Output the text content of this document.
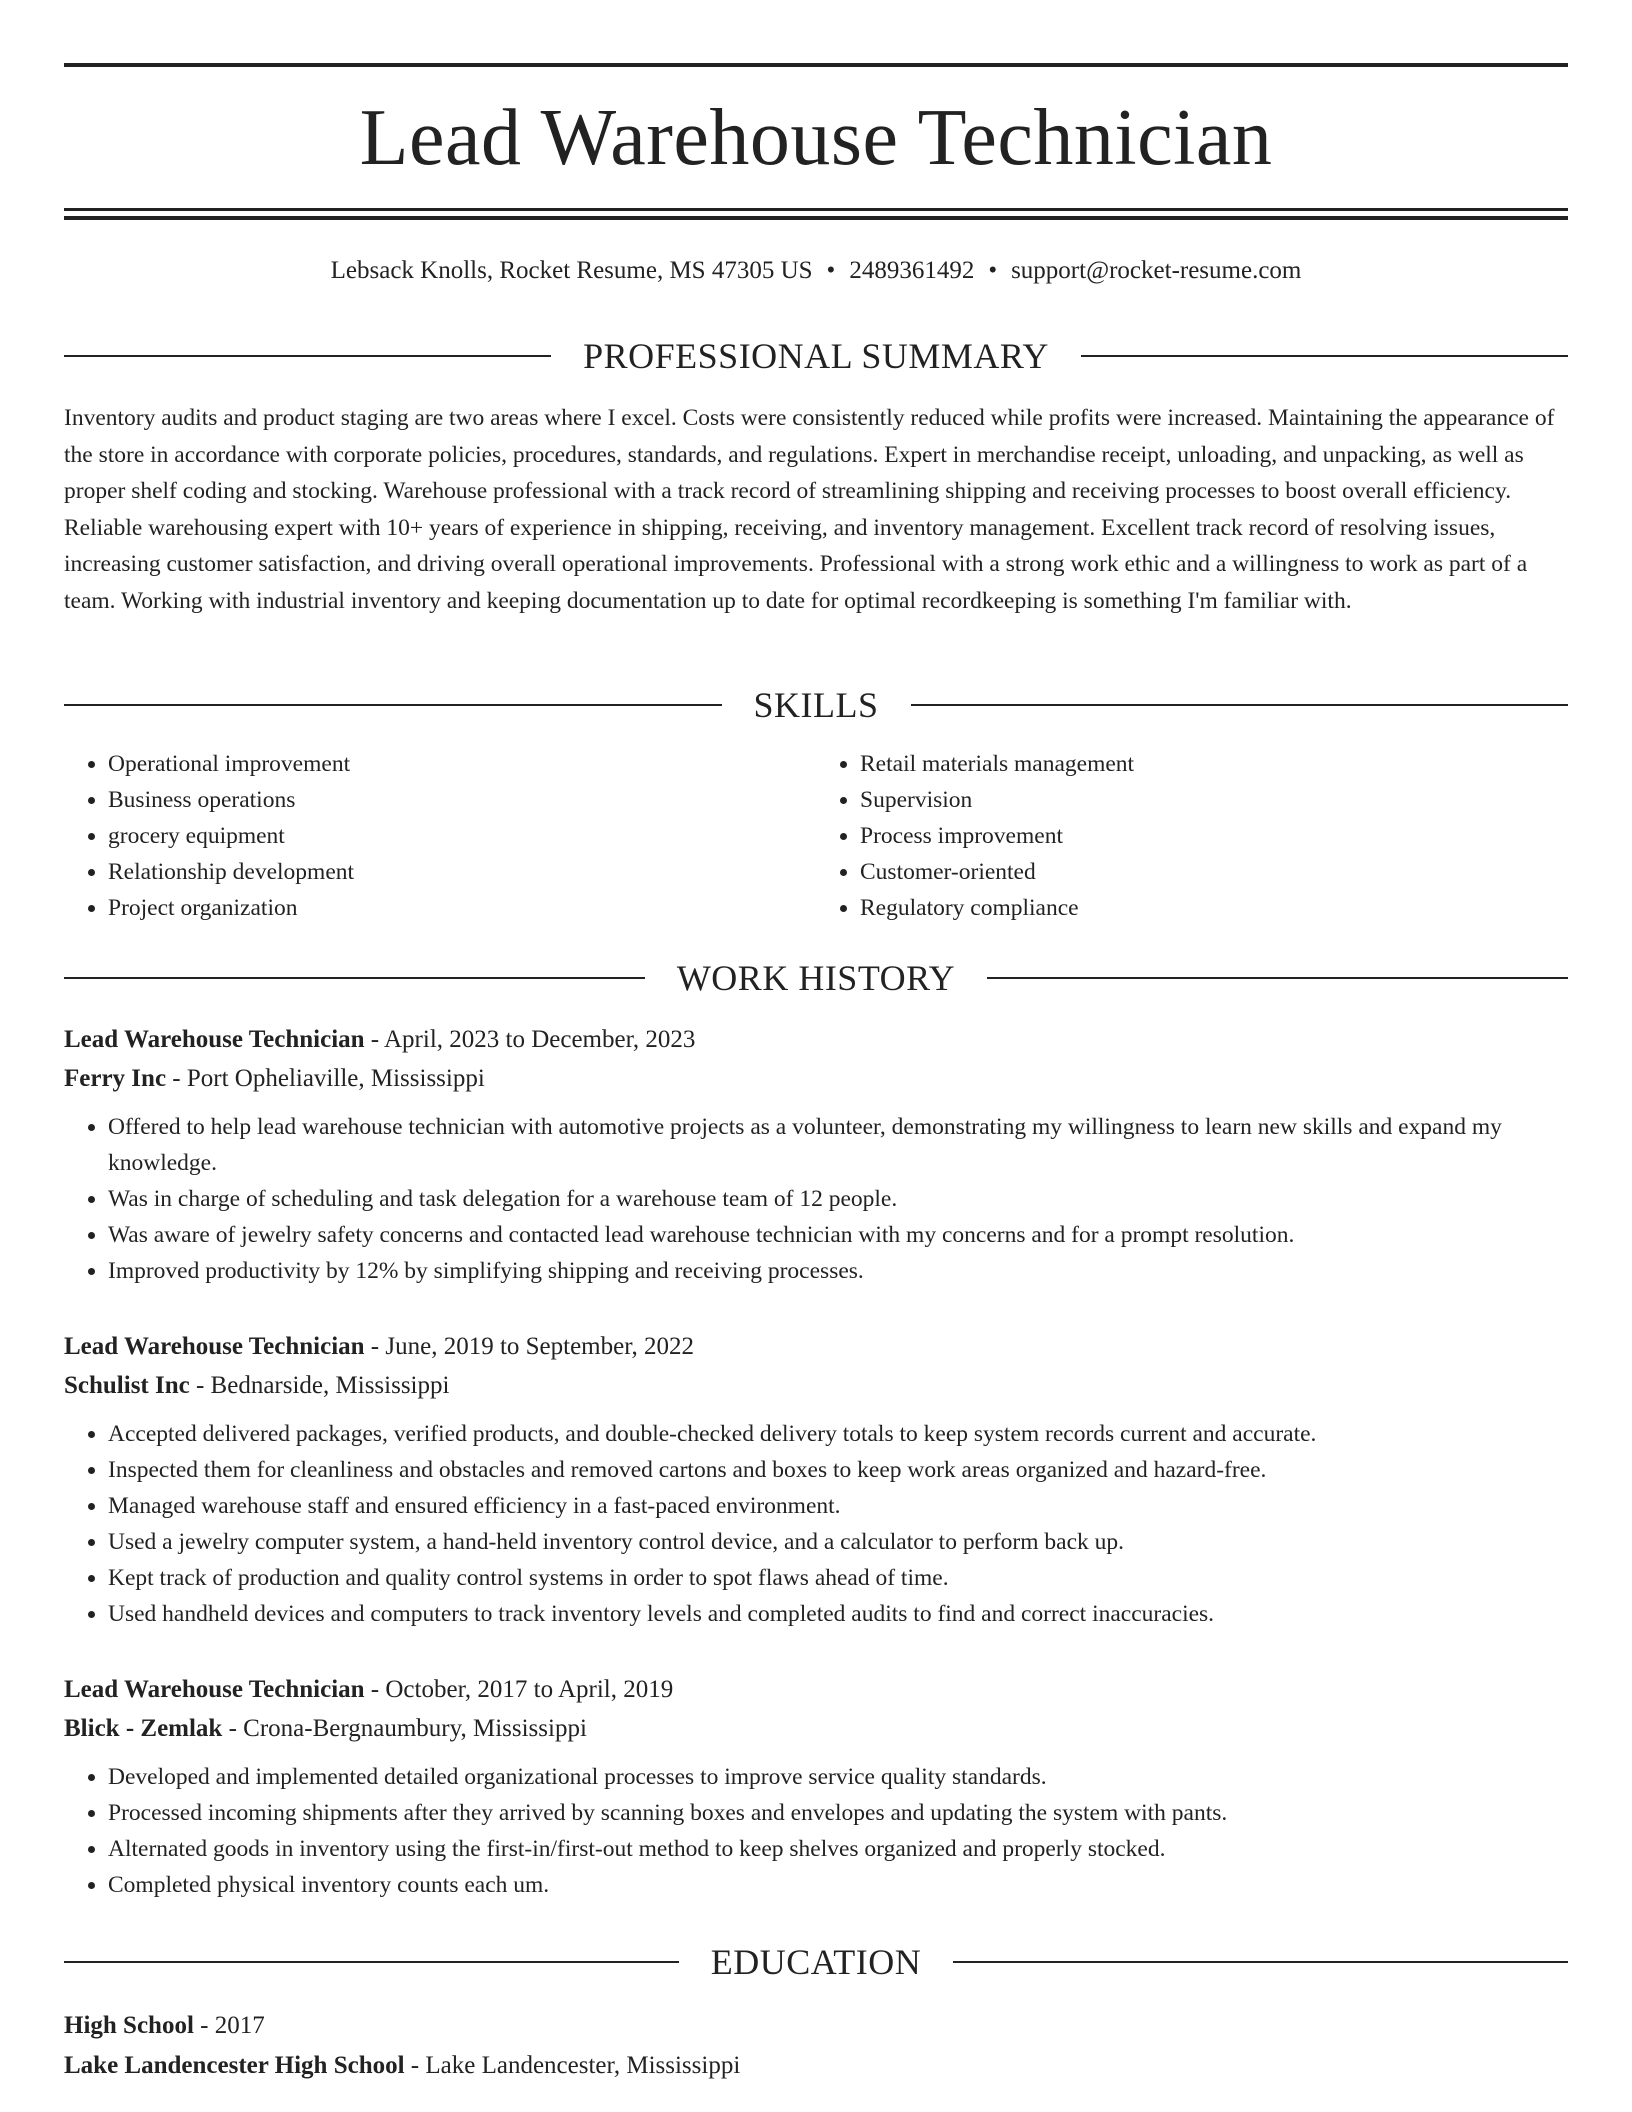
Lead Warehouse Technician
Lebsack Knolls, Rocket Resume, MS 47305 US • 2489361492 • support@rocket-resume.com
PROFESSIONAL SUMMARY

Inventory audits and product staging are two areas where I excel. Costs were consistently reduced while profits were increased. Maintaining the appearance of the store in accordance with corporate policies, procedures, standards, and regulations. Expert in merchandise receipt, unloading, and unpacking, as well as proper shelf coding and stocking. Warehouse professional with a track record of streamlining shipping and receiving processes to boost overall efficiency. Reliable warehousing expert with 10+ years of experience in shipping, receiving, and inventory management. Excellent track record of resolving issues, increasing customer satisfaction, and driving overall operational improvements. Professional with a strong work ethic and a willingness to work as part of a team. Working with industrial inventory and keeping documentation up to date for optimal recordkeeping is something I'm familiar with.

SKILLS
• Operational improvement
• Business operations
• grocery equipment
• Relationship development
• Project organization
• Retail materials management
• Supervision
• Process improvement
• Customer-oriented
• Regulatory compliance
WORK HISTORY
Lead Warehouse Technician - April, 2023 to December, 2023
Ferry Inc - Port Opheliaville, Mississippi
• Offered to help lead warehouse technician with automotive projects as a volunteer, demonstrating my willingness to learn new skills and expand my knowledge.
• Was in charge of scheduling and task delegation for a warehouse team of 12 people.
• Was aware of jewelry safety concerns and contacted lead warehouse technician with my concerns and for a prompt resolution.
• Improved productivity by 12% by simplifying shipping and receiving processes.
Lead Warehouse Technician - June, 2019 to September, 2022
Schulist Inc - Bednarside, Mississippi
• Accepted delivered packages, verified products, and double-checked delivery totals to keep system records current and accurate.
• Inspected them for cleanliness and obstacles and removed cartons and boxes to keep work areas organized and hazard-free.
• Managed warehouse staff and ensured efficiency in a fast-paced environment.
• Used a jewelry computer system, a hand-held inventory control device, and a calculator to perform back up.
• Kept track of production and quality control systems in order to spot flaws ahead of time.
• Used handheld devices and computers to track inventory levels and completed audits to find and correct inaccuracies.
Lead Warehouse Technician - October, 2017 to April, 2019
Blick - Zemlak - Crona-Bergnaumbury, Mississippi
• Developed and implemented detailed organizational processes to improve service quality standards.
• Processed incoming shipments after they arrived by scanning boxes and envelopes and updating the system with pants.
• Alternated goods in inventory using the first-in/first-out method to keep shelves organized and properly stocked.
• Completed physical inventory counts each um.
EDUCATION
High School - 2017
Lake Landencester High School - Lake Landencester, Mississippi
